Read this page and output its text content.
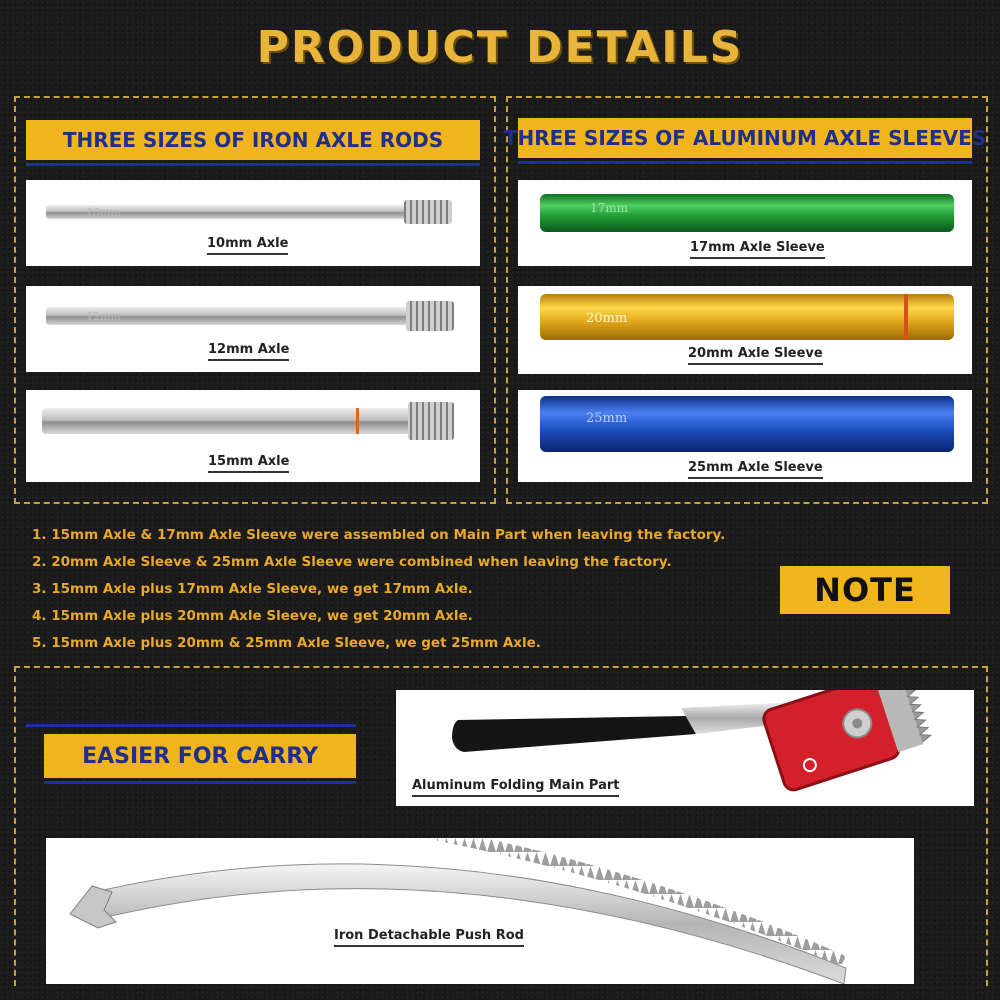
PRODUCT DETAILS
THREE SIZES OF IRON AXLE RODS
10mm
10mm Axle
12mm
12mm Axle
15mm Axle
THREE SIZES OF ALUMINUM AXLE SLEEVES
17mm
17mm Axle Sleeve
20mm
20mm Axle Sleeve
25mm
25mm Axle Sleeve
1. 15mm Axle & 17mm Axle Sleeve were assembled on Main Part when leaving the factory.
2. 20mm Axle Sleeve & 25mm Axle Sleeve were combined when leaving the factory.
3. 15mm Axle plus 17mm Axle Sleeve, we get 17mm Axle.
4. 15mm Axle plus 20mm Axle Sleeve, we get 20mm Axle.
5. 15mm Axle plus 20mm & 25mm Axle Sleeve, we get 25mm Axle.
NOTE
EASIER FOR CARRY
Aluminum Folding Main Part
Iron Detachable Push Rod
